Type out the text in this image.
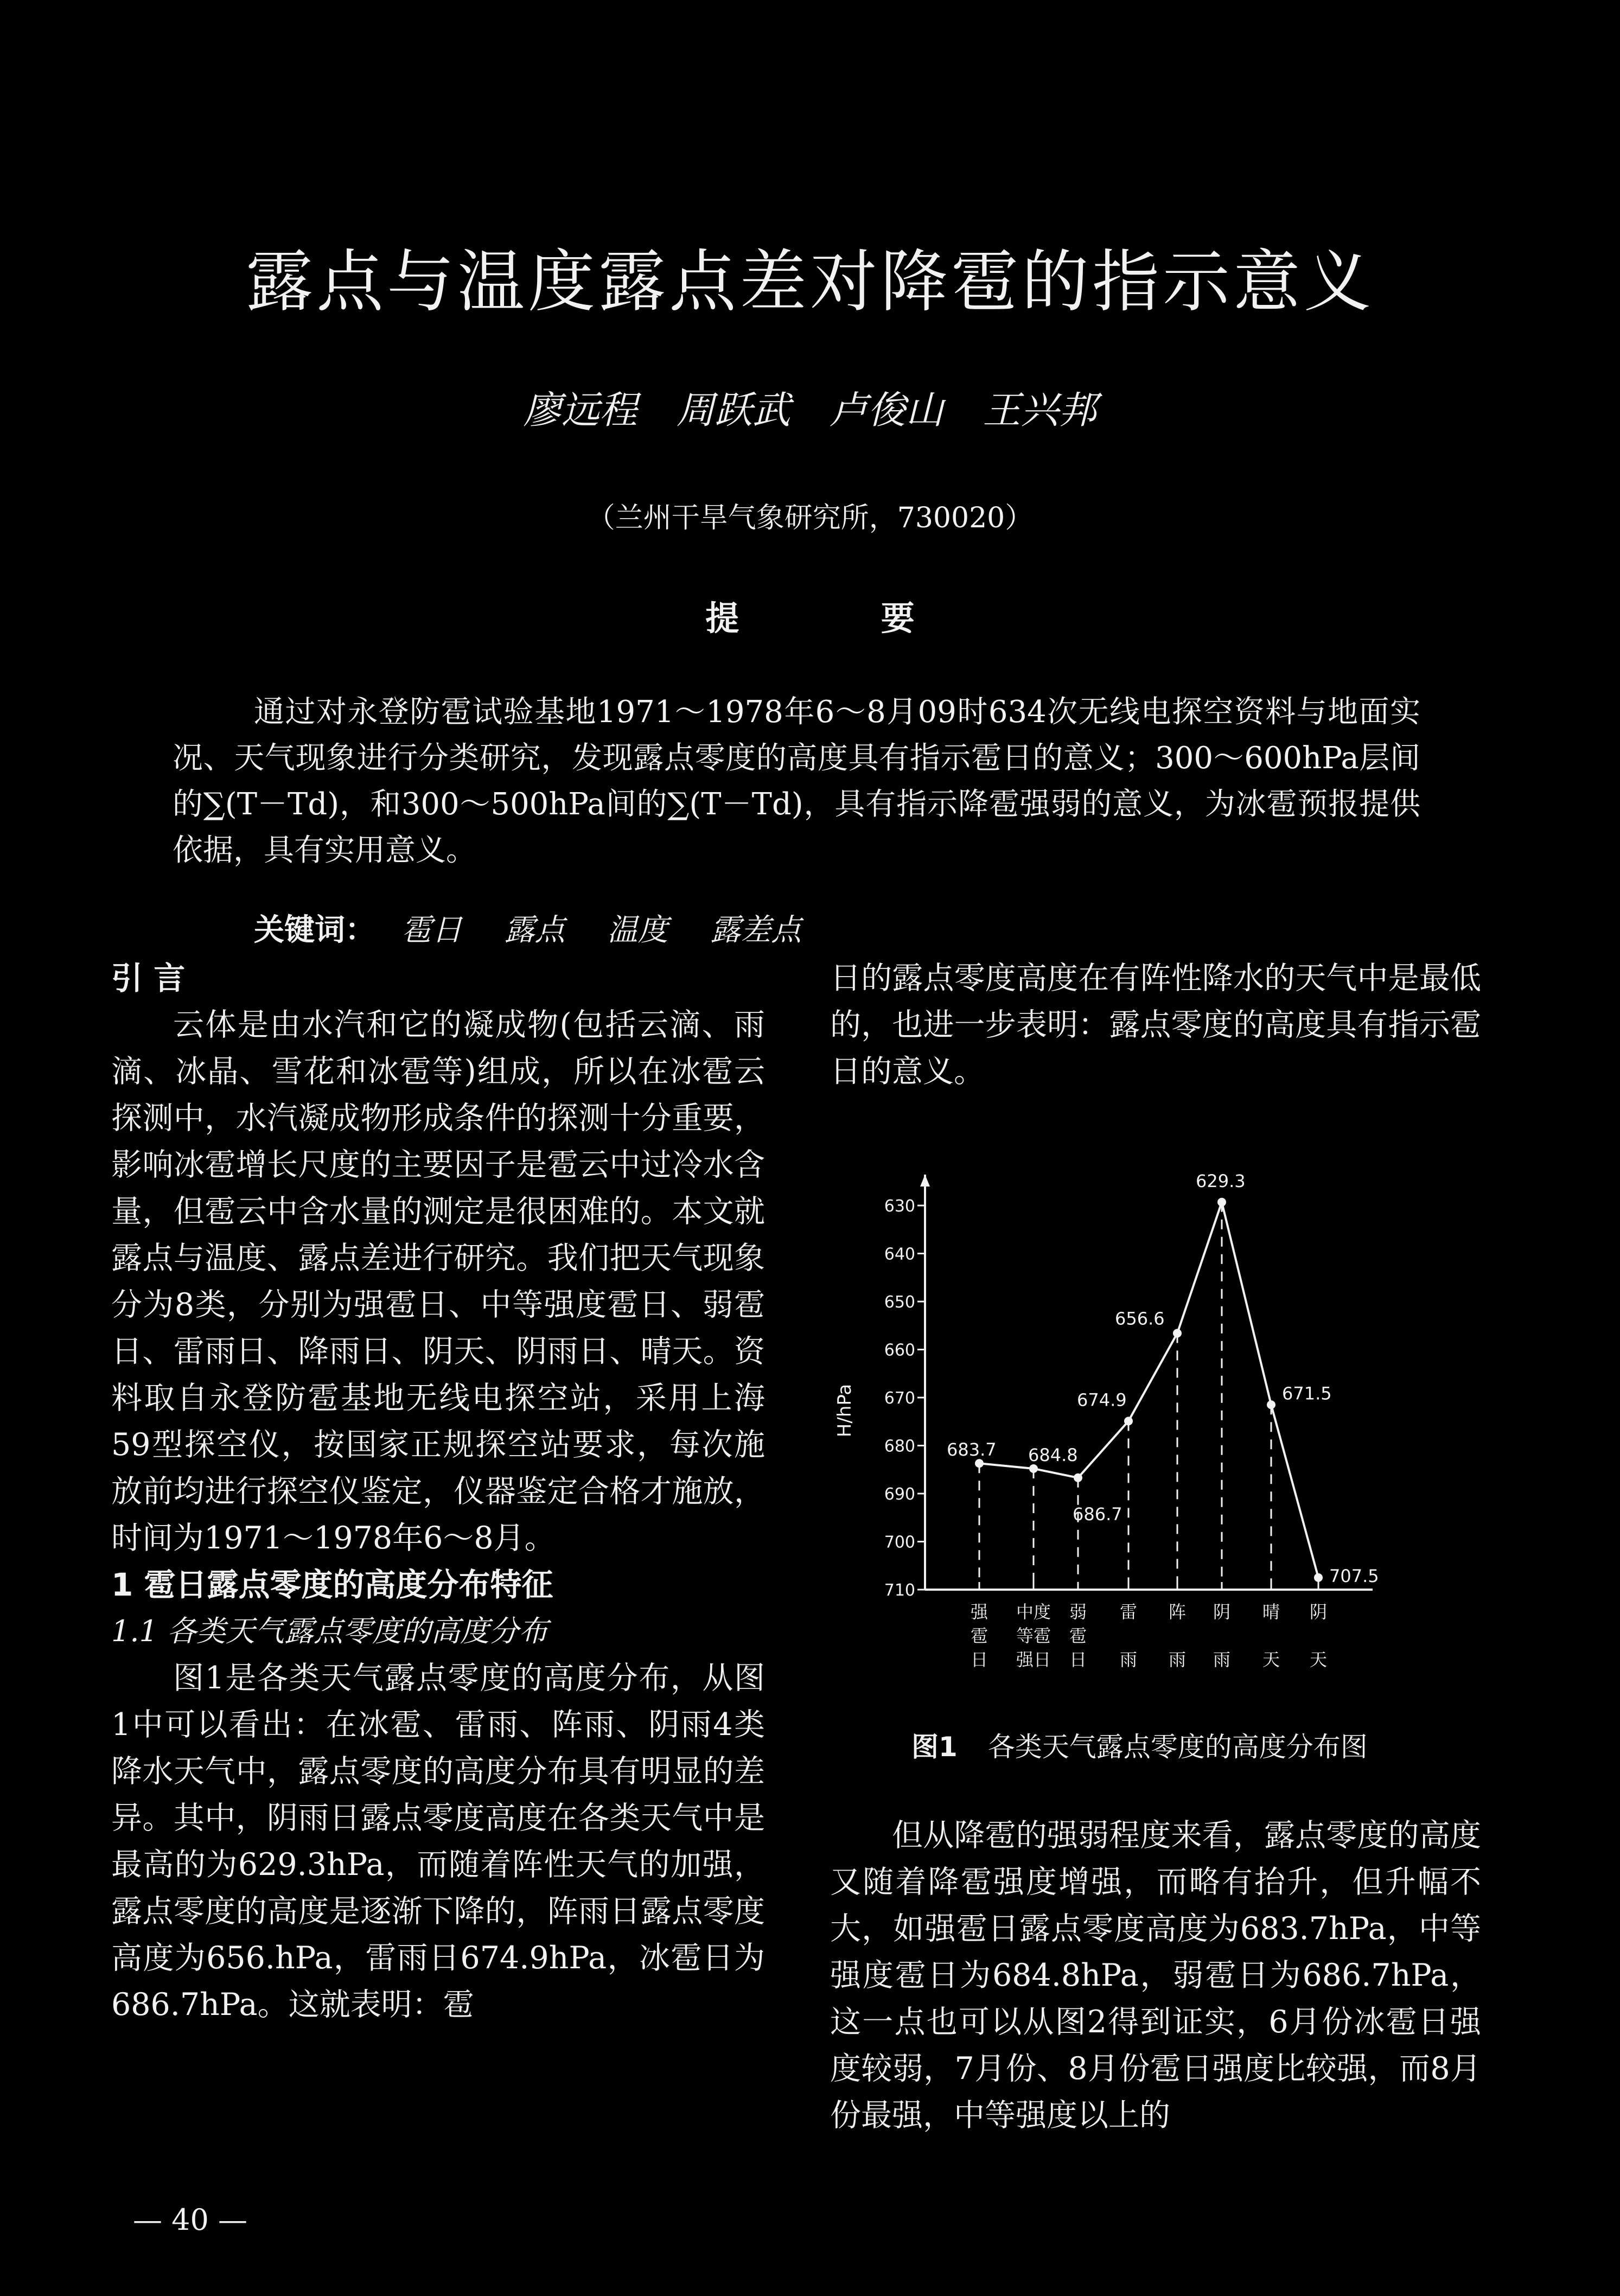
露点与温度露点差对降雹的指示意义
廖远程 周跃武 卢俊山 王兴邦
（兰州干旱气象研究所，730020）
提 要
通过对永登防雹试验基地1971～1978年6～8月09时634次无线电探空资料与地面实况、天气现象进行分类研究，发现露点零度的高度具有指示雹日的意义；300～600hPa层间的∑(T－Td)，和300～500hPa间的∑(T－Td)，具有指示降雹强弱的意义，为冰雹预报提供依据，具有实用意义。
关键词： 雹日 露点 温度 露差点

引 言

云体是由水汽和它的凝成物(包括云滴、雨滴、冰晶、雪花和冰雹等)组成，所以在冰雹云探测中，水汽凝成物形成条件的探测十分重要，影响冰雹增长尺度的主要因子是雹云中过冷水含量，但雹云中含水量的测定是很困难的。本文就露点与温度、露点差进行研究。我们把天气现象分为8类，分别为强雹日、中等强度雹日、弱雹日、雷雨日、降雨日、阴天、阴雨日、晴天。资料取自永登防雹基地无线电探空站，采用上海59型探空仪，按国家正规探空站要求，每次施放前均进行探空仪鉴定，仪器鉴定合格才施放，时间为1971～1978年6～8月。

1 雹日露点零度的高度分布特征

1.1 各类天气露点零度的高度分布

图1是各类天气露点零度的高度分布，从图1中可以看出：在冰雹、雷雨、阵雨、阴雨4类降水天气中，露点零度的高度分布具有明显的差异。其中，阴雨日露点零度高度在各类天气中是最高的为629.3hPa，而随着阵性天气的加强，露点零度的高度是逐渐下降的，阵雨日露点零度高度为656.hPa，雷雨日674.9hPa，冰雹日为686.7hPa。这就表明：雹

日的露点零度高度在有阵性降水的天气中是最低的，也进一步表明：露点零度的高度具有指示雹日的意义。

H/hPa
630
640
650
660
670
680
690
700
710
强
雹
日
中度
等雹
强日
弱
雹
日
雷
雨
阵
雨
阴
雨
晴
天
阴
天
683.7 684.8
686.7
674.9
656.6
629.3
671.5
707.5
图1 各类天气露点零度的高度分布图

但从降雹的强弱程度来看，露点零度的高度又随着降雹强度增强，而略有抬升，但升幅不大，如强雹日露点零度高度为683.7hPa，中等强度雹日为684.8hPa，弱雹日为686.7hPa，这一点也可以从图2得到证实，6月份冰雹日强度较弱，7月份、8月份雹日强度比较强，而8月份最强，中等强度以上的

— 40 —
